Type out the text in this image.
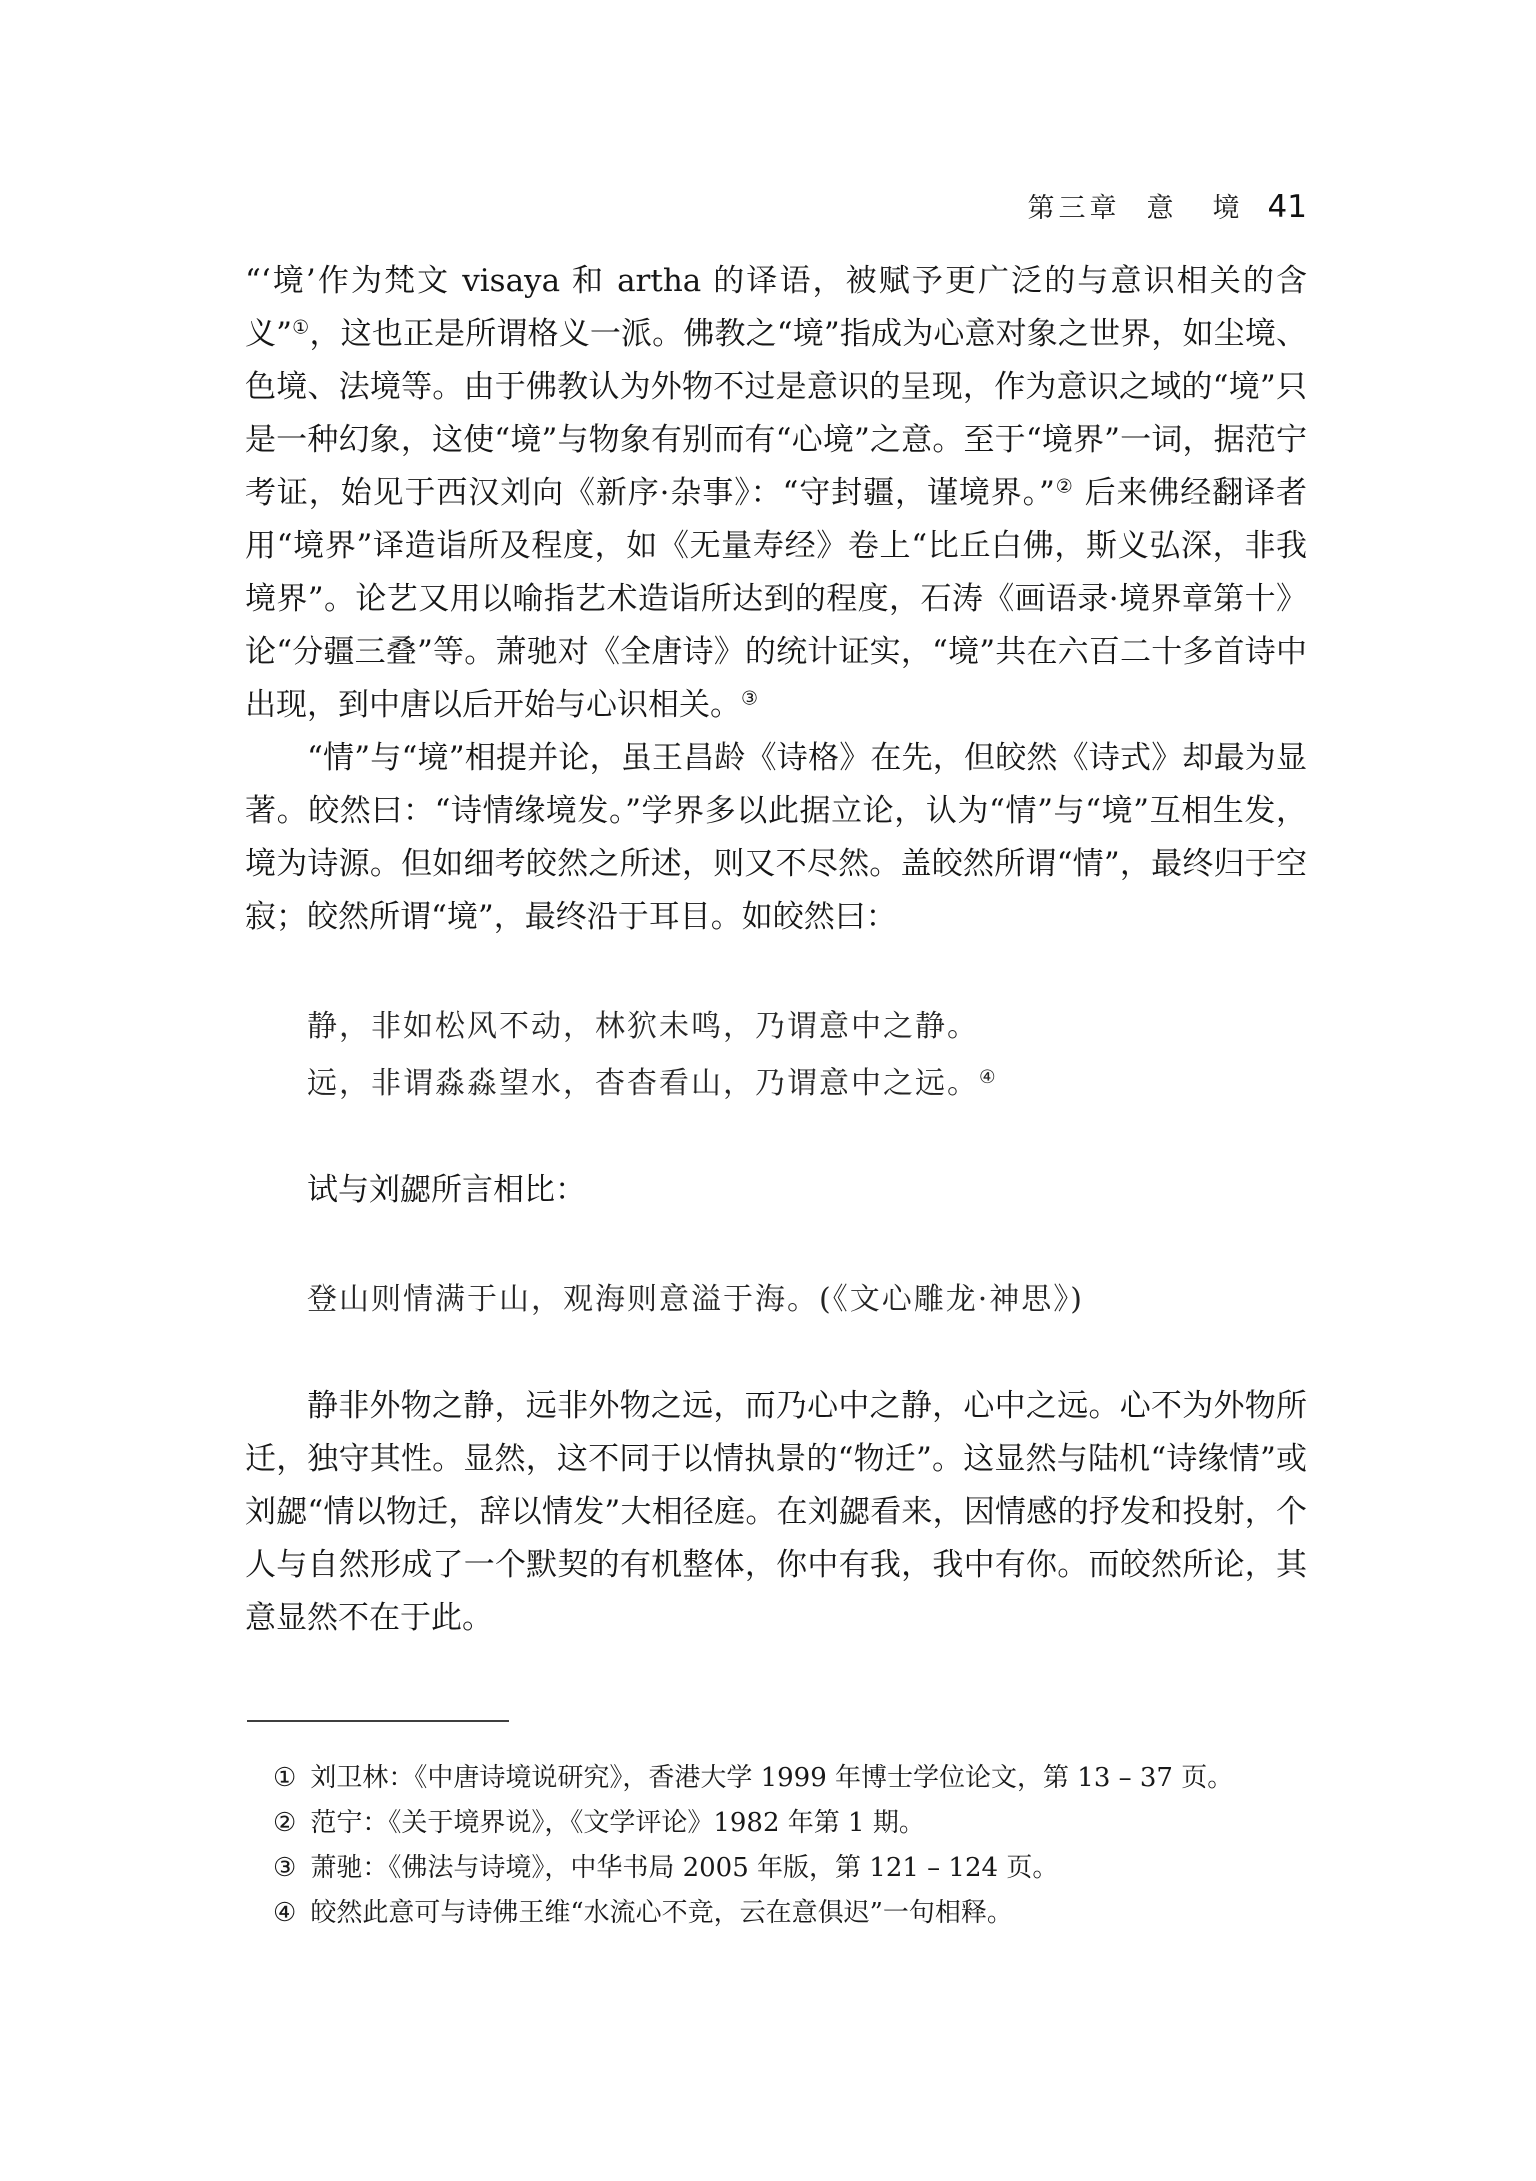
第三章 意　境 41

“‘境’作为梵文 visaya 和 artha 的译语，被赋予更广泛的与意识相关的含义”①，这也正是所谓格义一派。佛教之“境”指成为心意对象之世界，如尘境、色境、法境等。由于佛教认为外物不过是意识的呈现，作为意识之域的“境”只是一种幻象，这使“境”与物象有别而有“心境”之意。至于“境界”一词，据范宁考证，始见于西汉刘向《新序·杂事》：“守封疆，谨境界。”② 后来佛经翻译者用“境界”译造诣所及程度，如《无量寿经》卷上“比丘白佛，斯义弘深，非我境界”。论艺又用以喻指艺术造诣所达到的程度，石涛《画语录·境界章第十》论“分疆三叠”等。萧驰对《全唐诗》的统计证实，“境”共在六百二十多首诗中出现，到中唐以后开始与心识相关。③

“情”与“境”相提并论，虽王昌龄《诗格》在先，但皎然《诗式》却最为显著。皎然曰：“诗情缘境发。”学界多以此据立论，认为“情”与“境”互相生发，境为诗源。但如细考皎然之所述，则又不尽然。盖皎然所谓“情”，最终归于空寂；皎然所谓“境”，最终沿于耳目。如皎然曰：

静，非如松风不动，林狖未鸣，乃谓意中之静。
远，非谓淼淼望水，杳杳看山，乃谓意中之远。④

试与刘勰所言相比：

登山则情满于山，观海则意溢于海。(《文心雕龙·神思》)

静非外物之静，远非外物之远，而乃心中之静，心中之远。心不为外物所迁，独守其性。显然，这不同于以情执景的“物迁”。这显然与陆机“诗缘情”或刘勰“情以物迁，辞以情发”大相径庭。在刘勰看来，因情感的抒发和投射，个人与自然形成了一个默契的有机整体，你中有我，我中有你。而皎然所论，其意显然不在于此。

① 刘卫林：《中唐诗境说研究》，香港大学 1999 年博士学位论文，第 13 – 37 页。
② 范宁：《关于境界说》，《文学评论》1982 年第 1 期。
③ 萧驰：《佛法与诗境》，中华书局 2005 年版，第 121 – 124 页。
④ 皎然此意可与诗佛王维“水流心不竞，云在意俱迟”一句相释。
